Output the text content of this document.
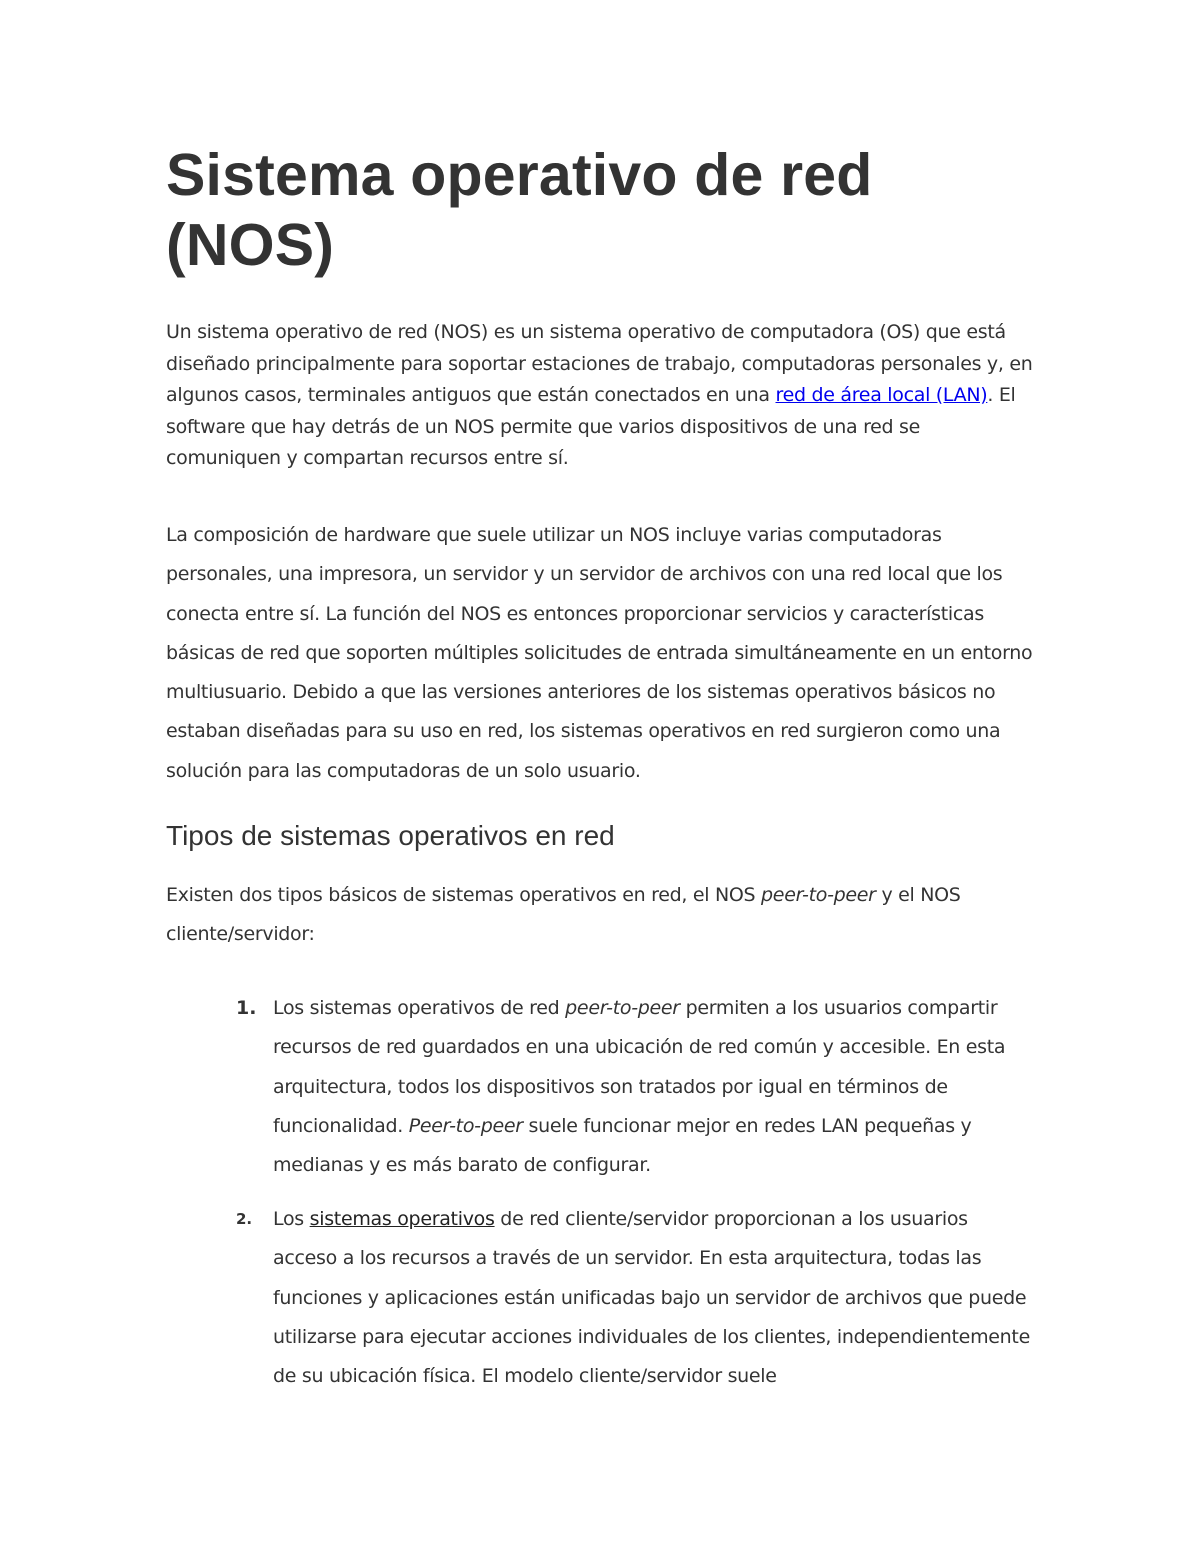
Sistema operativo de red (NOS)

Un sistema operativo de red (NOS) es un sistema operativo de computadora (OS) que está diseñado principalmente para soportar estaciones de trabajo, computadoras personales y, en algunos casos, terminales antiguos que están conectados en una red de área local (LAN). El software que hay detrás de un NOS permite que varios dispositivos de una red se comuniquen y compartan recursos entre sí.

La composición de hardware que suele utilizar un NOS incluye varias computadoras personales, una impresora, un servidor y un servidor de archivos con una red local que los conecta entre sí. La función del NOS es entonces proporcionar servicios y características básicas de red que soporten múltiples solicitudes de entrada simultáneamente en un entorno multiusuario. Debido a que las versiones anteriores de los sistemas operativos básicos no estaban diseñadas para su uso en red, los sistemas operativos en red surgieron como una solución para las computadoras de un solo usuario.

Tipos de sistemas operativos en red

Existen dos tipos básicos de sistemas operativos en red, el NOS peer-to-peer y el NOS cliente/servidor:

1. Los sistemas operativos de red peer-to-peer permiten a los usuarios compartir recursos de red guardados en una ubicación de red común y accesible. En esta arquitectura, todos los dispositivos son tratados por igual en términos de funcionalidad. Peer-to-peer suele funcionar mejor en redes LAN pequeñas y medianas y es más barato de configurar.

2. Los sistemas operativos de red cliente/servidor proporcionan a los usuarios acceso a los recursos a través de un servidor. En esta arquitectura, todas las funciones y aplicaciones están unificadas bajo un servidor de archivos que puede utilizarse para ejecutar acciones individuales de los clientes, independientemente de su ubicación física. El modelo cliente/servidor suele
